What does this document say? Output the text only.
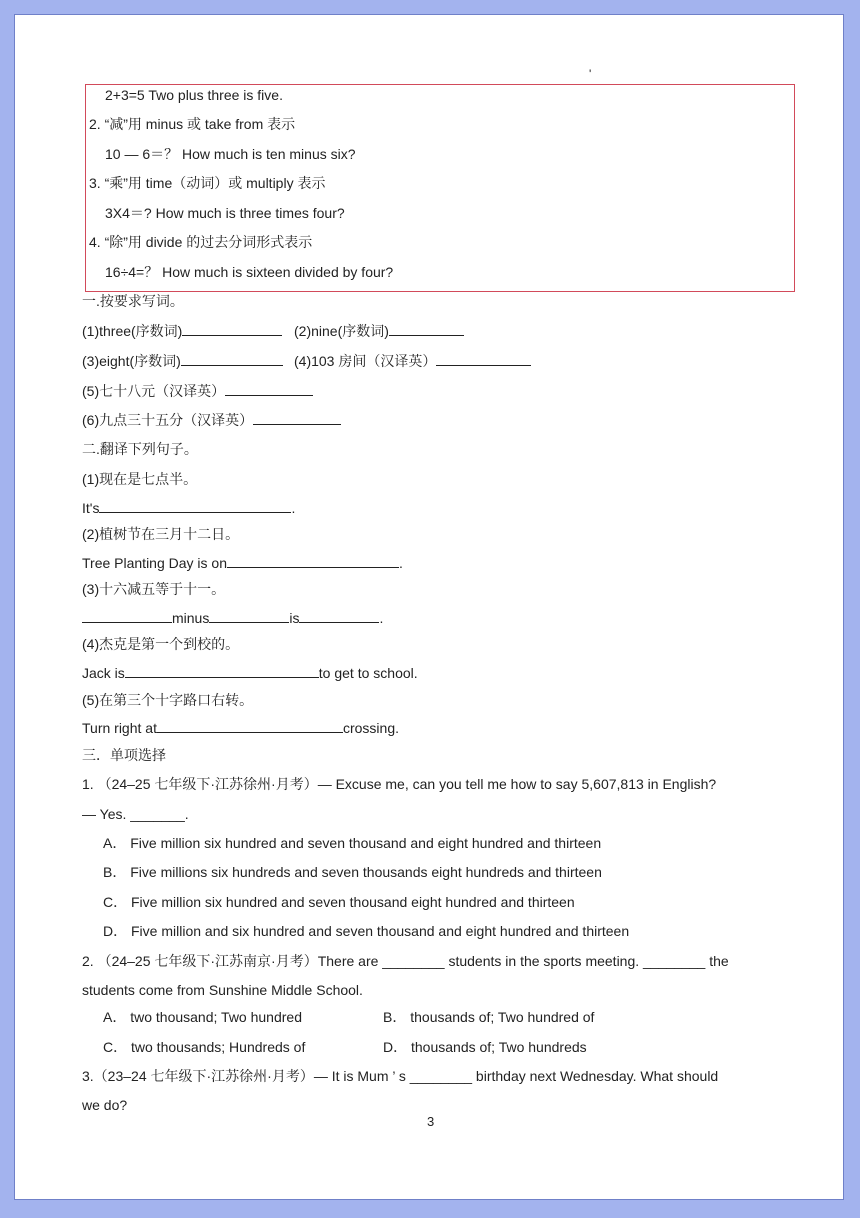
'
2+3=5 Two plus three is five.
2. “减”用 minus 或 take from 表示
10 — 6＝？ How much is ten minus six?
3. “乘”用 time（动词）或 multiply 表示
3X4＝? How much is three times four?
4. “除”用 divide 的过去分词形式表示
16÷4=？ How much is sixteen divided by four?
一.按要求写词。
(1)three(序数词)	(2)nine(序数词)
(3)eight(序数词)	(4)103 房间（汉译英）
(5)七十八元（汉译英）
(6)九点三十五分（汉译英）
二.翻译下列句子。
(1)现在是七点半。
It's	.
(2)植树节在三月十二日。
Tree Planting Day is on	.
(3)十六减五等于十一。
minus	is	.
(4)杰克是第一个到校的。
Jack is	to get to school.
(5)在第三个十字路口右转。
Turn right at	crossing.
三．单项选择
1. （24–25 七年级下·江苏徐州·月考）— Excuse me, can you tell me how to say 5,607,813 in English?
— Yes. _______.
A． Five million six hundred and seven thousand and eight hundred and thirteen
B． Five millions six hundreds and seven thousands eight hundreds and thirteen
C． Five million six hundred and seven thousand eight hundred and thirteen
D． Five million and six hundred and seven thousand and eight hundred and thirteen
2. （24–25 七年级下·江苏南京·月考）There are ________ students in the sports meeting. ________ the
students come from Sunshine Middle School.
A． two thousand; Two hundred	B． thousands of; Two hundred of
C． two thousands; Hundreds of	D． thousands of; Two hundreds
3.（23–24 七年级下·江苏徐州·月考）— It is Mum ’ s ________ birthday next Wednesday. What should
we do?
3
